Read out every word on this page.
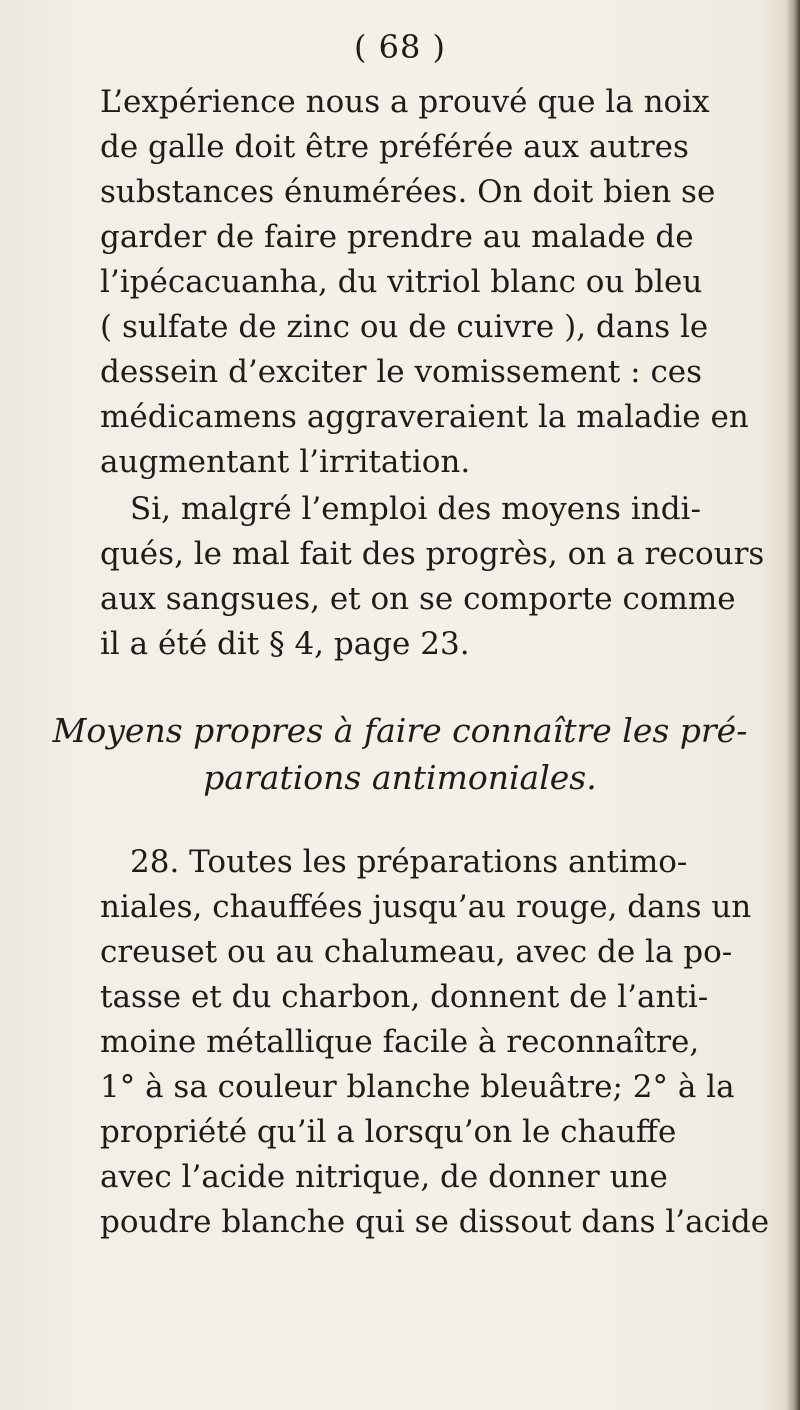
( 68 )
L’expérience nous a prouvé que la noix
de galle doit être préférée aux autres
substances énumérées. On doit bien se
garder de faire prendre au malade de
l’ipécacuanha, du vitriol blanc ou bleu
( sulfate de zinc ou de cuivre ), dans le
dessein d’exciter le vomissement : ces
médicamens aggraveraient la maladie en
augmentant l’irritation.
Si, malgré l’emploi des moyens indi-
qués, le mal fait des progrès, on a recours
aux sangsues, et on se comporte comme
il a été dit § 4, page 23.
Moyens propres à faire connaître les pré-
parations antimoniales.
28. Toutes les préparations antimo-
niales, chauffées jusqu’au rouge, dans un
creuset ou au chalumeau, avec de la po-
tasse et du charbon, donnent de l’anti-
moine métallique facile à reconnaître,
1° à sa couleur blanche bleuâtre; 2° à la
propriété qu’il a lorsqu’on le chauffe
avec l’acide nitrique, de donner une
poudre blanche qui se dissout dans l’acide
